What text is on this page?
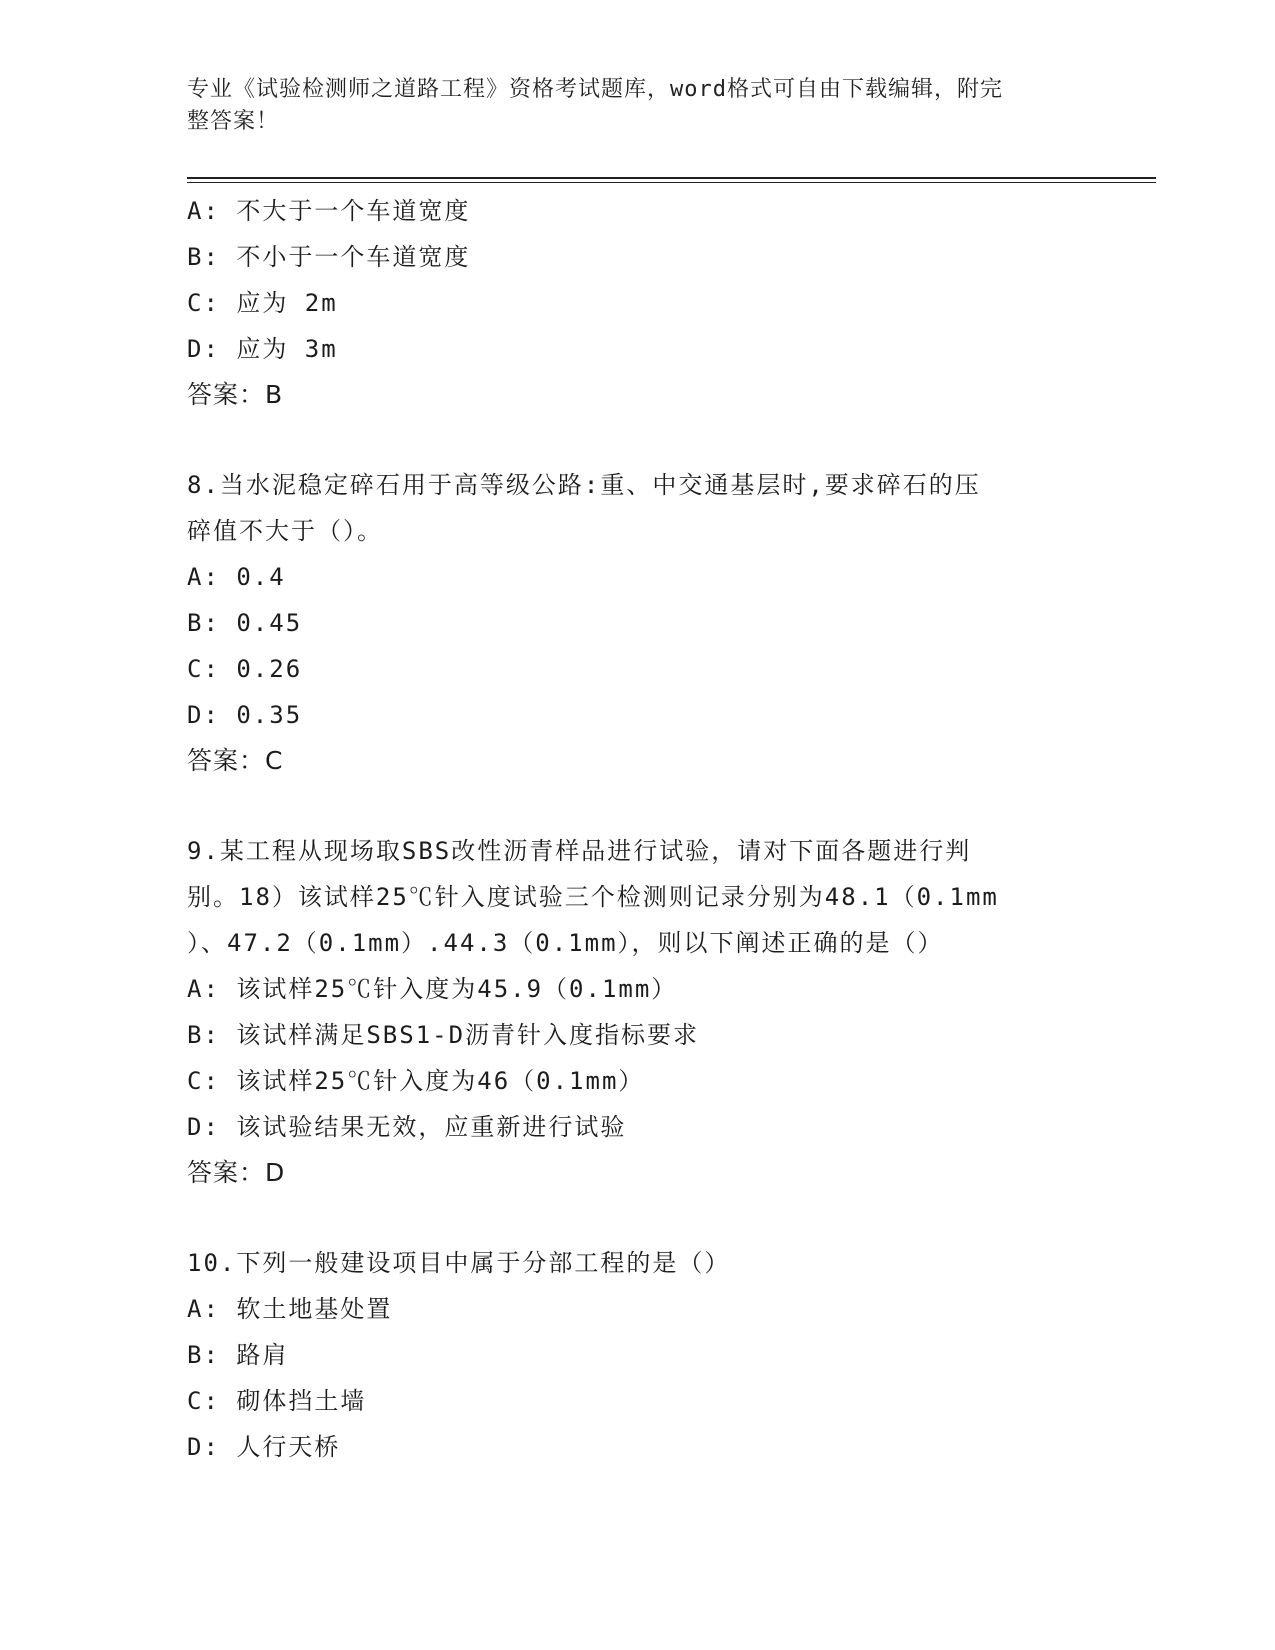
专业《试验检测师之道路工程》资格考试题库，word格式可自由下载编辑，附完
整答案！
A: 不大于一个车道宽度
B: 不小于一个车道宽度
C: 应为 2m
D: 应为 3m
答案：B
8.当水泥稳定碎石用于高等级公路:重、中交通基层时,要求碎石的压
碎值不大于（）。
A: 0.4
B: 0.45
C: 0.26
D: 0.35
答案：C
9.某工程从现场取SBS改性沥青样品进行试验，请对下面各题进行判
别。18）该试样25℃针入度试验三个检测则记录分别为48.1（0.1mm
）、47.2（0.1mm）.44.3（0.1mm），则以下阐述正确的是（）
A: 该试样25℃针入度为45.9（0.1mm）
B: 该试样满足SBS1-D沥青针入度指标要求
C: 该试样25℃针入度为46（0.1mm）
D: 该试验结果无效，应重新进行试验
答案：D
10.下列一般建设项目中属于分部工程的是（）
A: 软土地基处置
B: 路肩
C: 砌体挡土墙
D: 人行天桥
